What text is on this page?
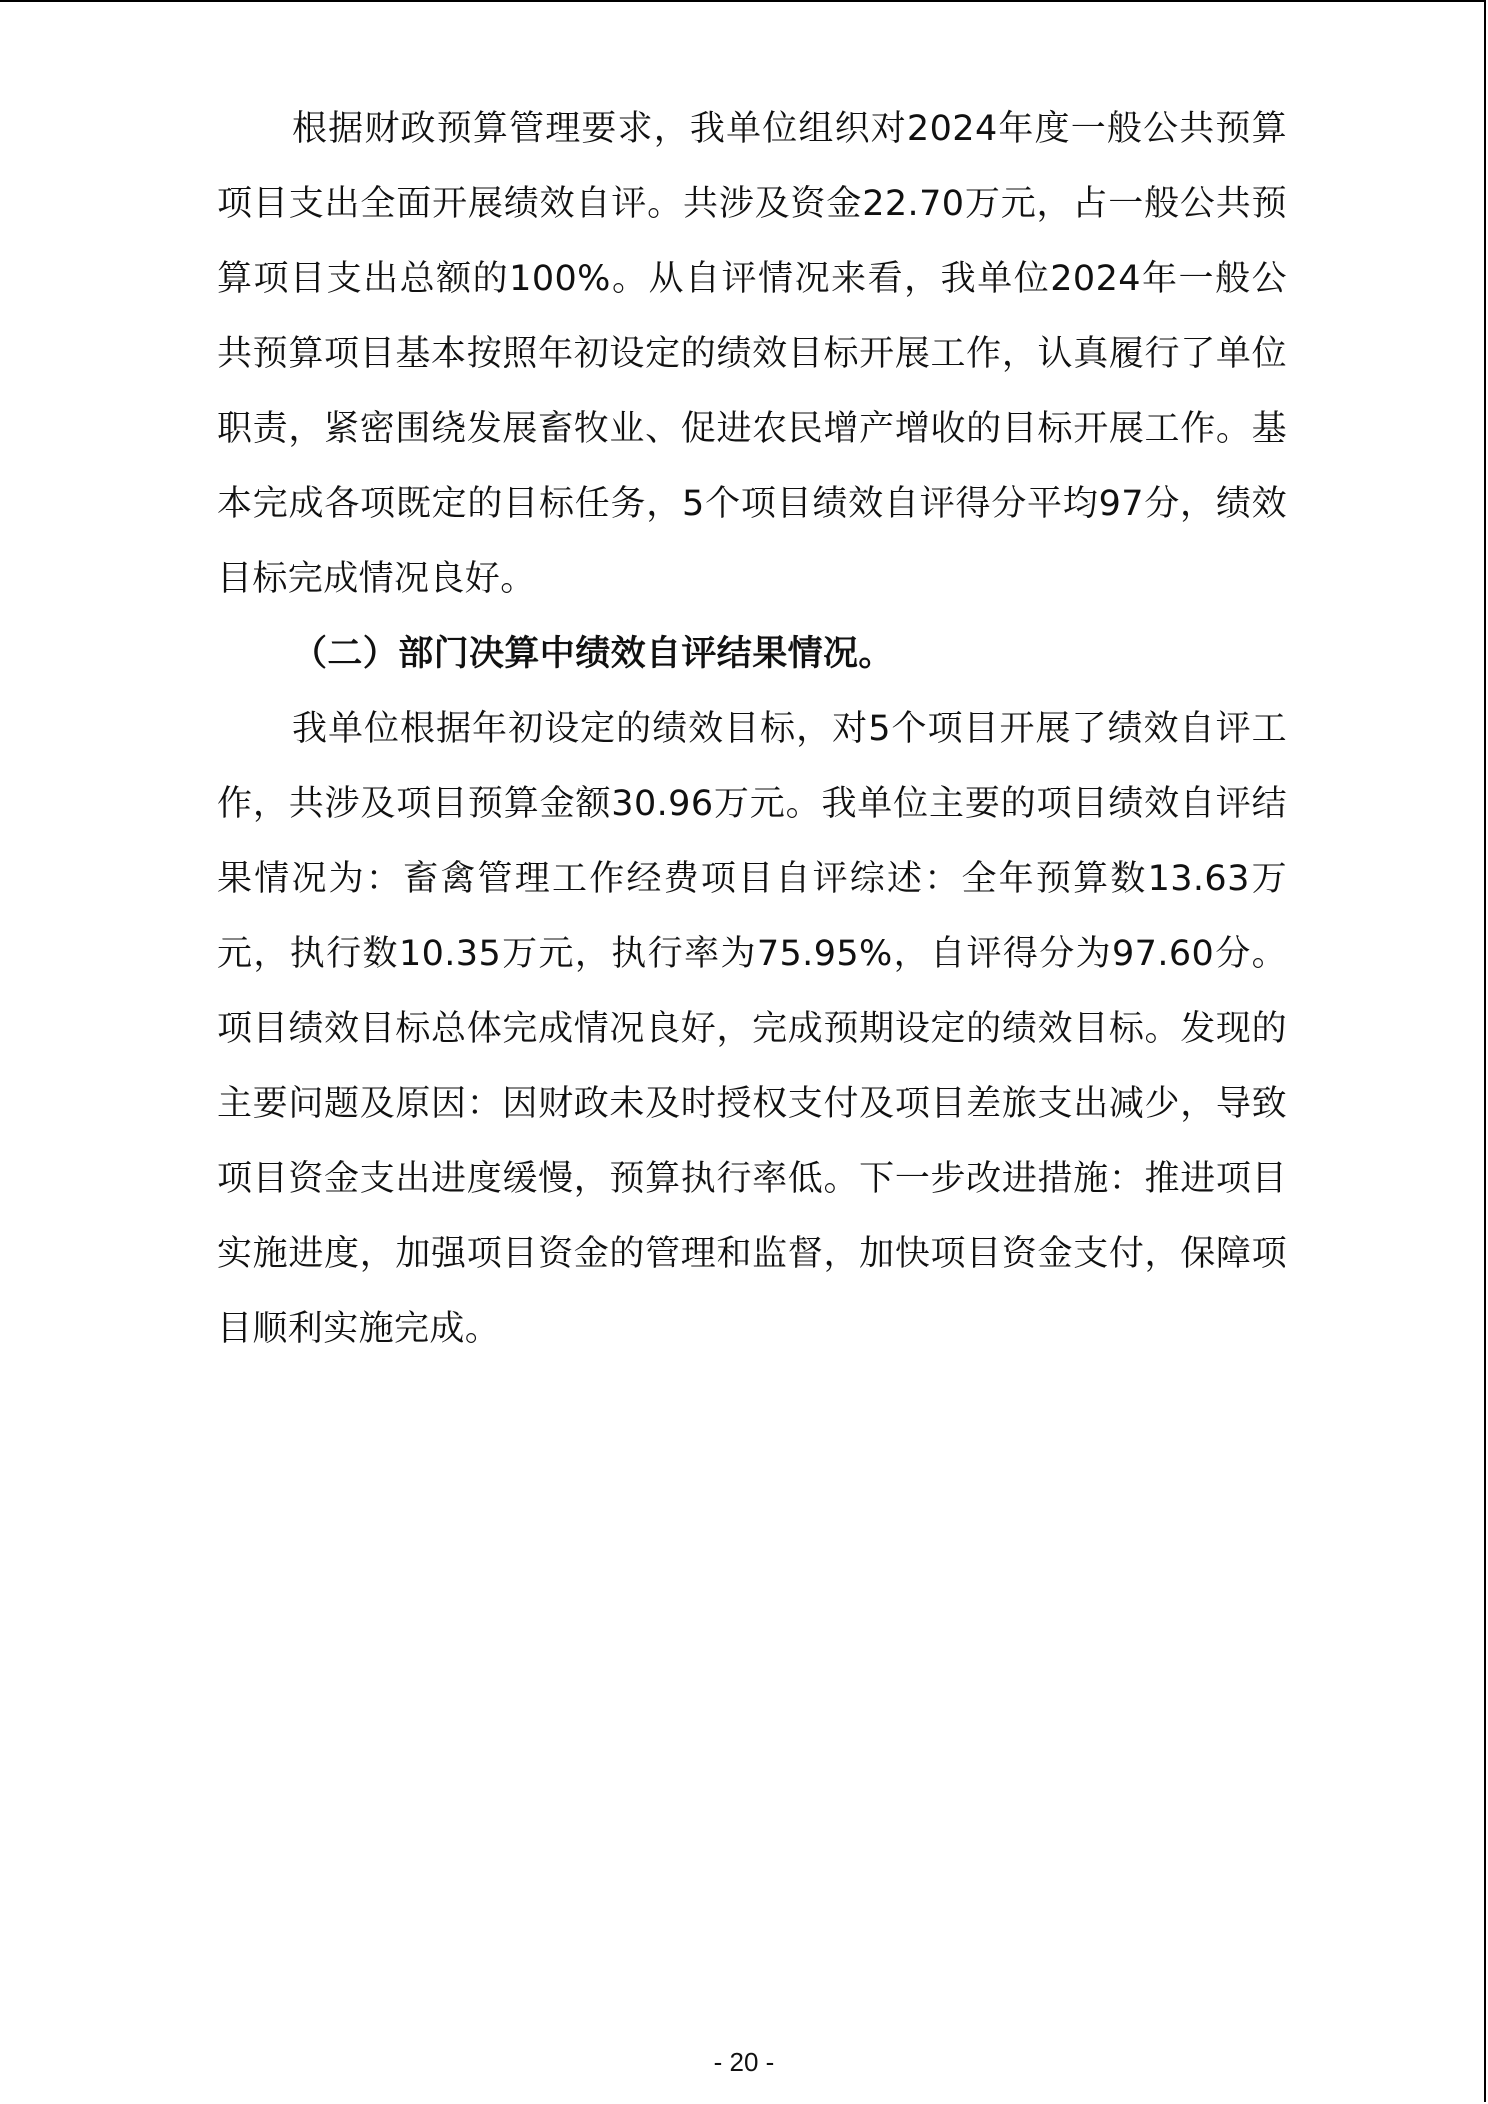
根据财政预算管理要求，我单位组织对2024年度一般公共预算项目支出全面开展绩效自评。共涉及资金22.70万元，占一般公共预算项目支出总额的100%。从自评情况来看，我单位2024年一般公共预算项目基本按照年初设定的绩效目标开展工作，认真履行了单位职责，紧密围绕发展畜牧业、促进农民增产增收的目标开展工作。基本完成各项既定的目标任务，5个项目绩效自评得分平均97分，绩效目标完成情况良好。

（二）部门决算中绩效自评结果情况。

我单位根据年初设定的绩效目标，对5个项目开展了绩效自评工作，共涉及项目预算金额30.96万元。我单位主要的项目绩效自评结果情况为：畜禽管理工作经费项目自评综述：全年预算数13.63万元，执行数10.35万元，执行率为75.95%，自评得分为97.60分。项目绩效目标总体完成情况良好，完成预期设定的绩效目标。发现的主要问题及原因：因财政未及时授权支付及项目差旅支出减少，导致项目资金支出进度缓慢，预算执行率低。下一步改进措施：推进项目实施进度，加强项目资金的管理和监督，加快项目资金支付，保障项目顺利实施完成。

- 20 -
